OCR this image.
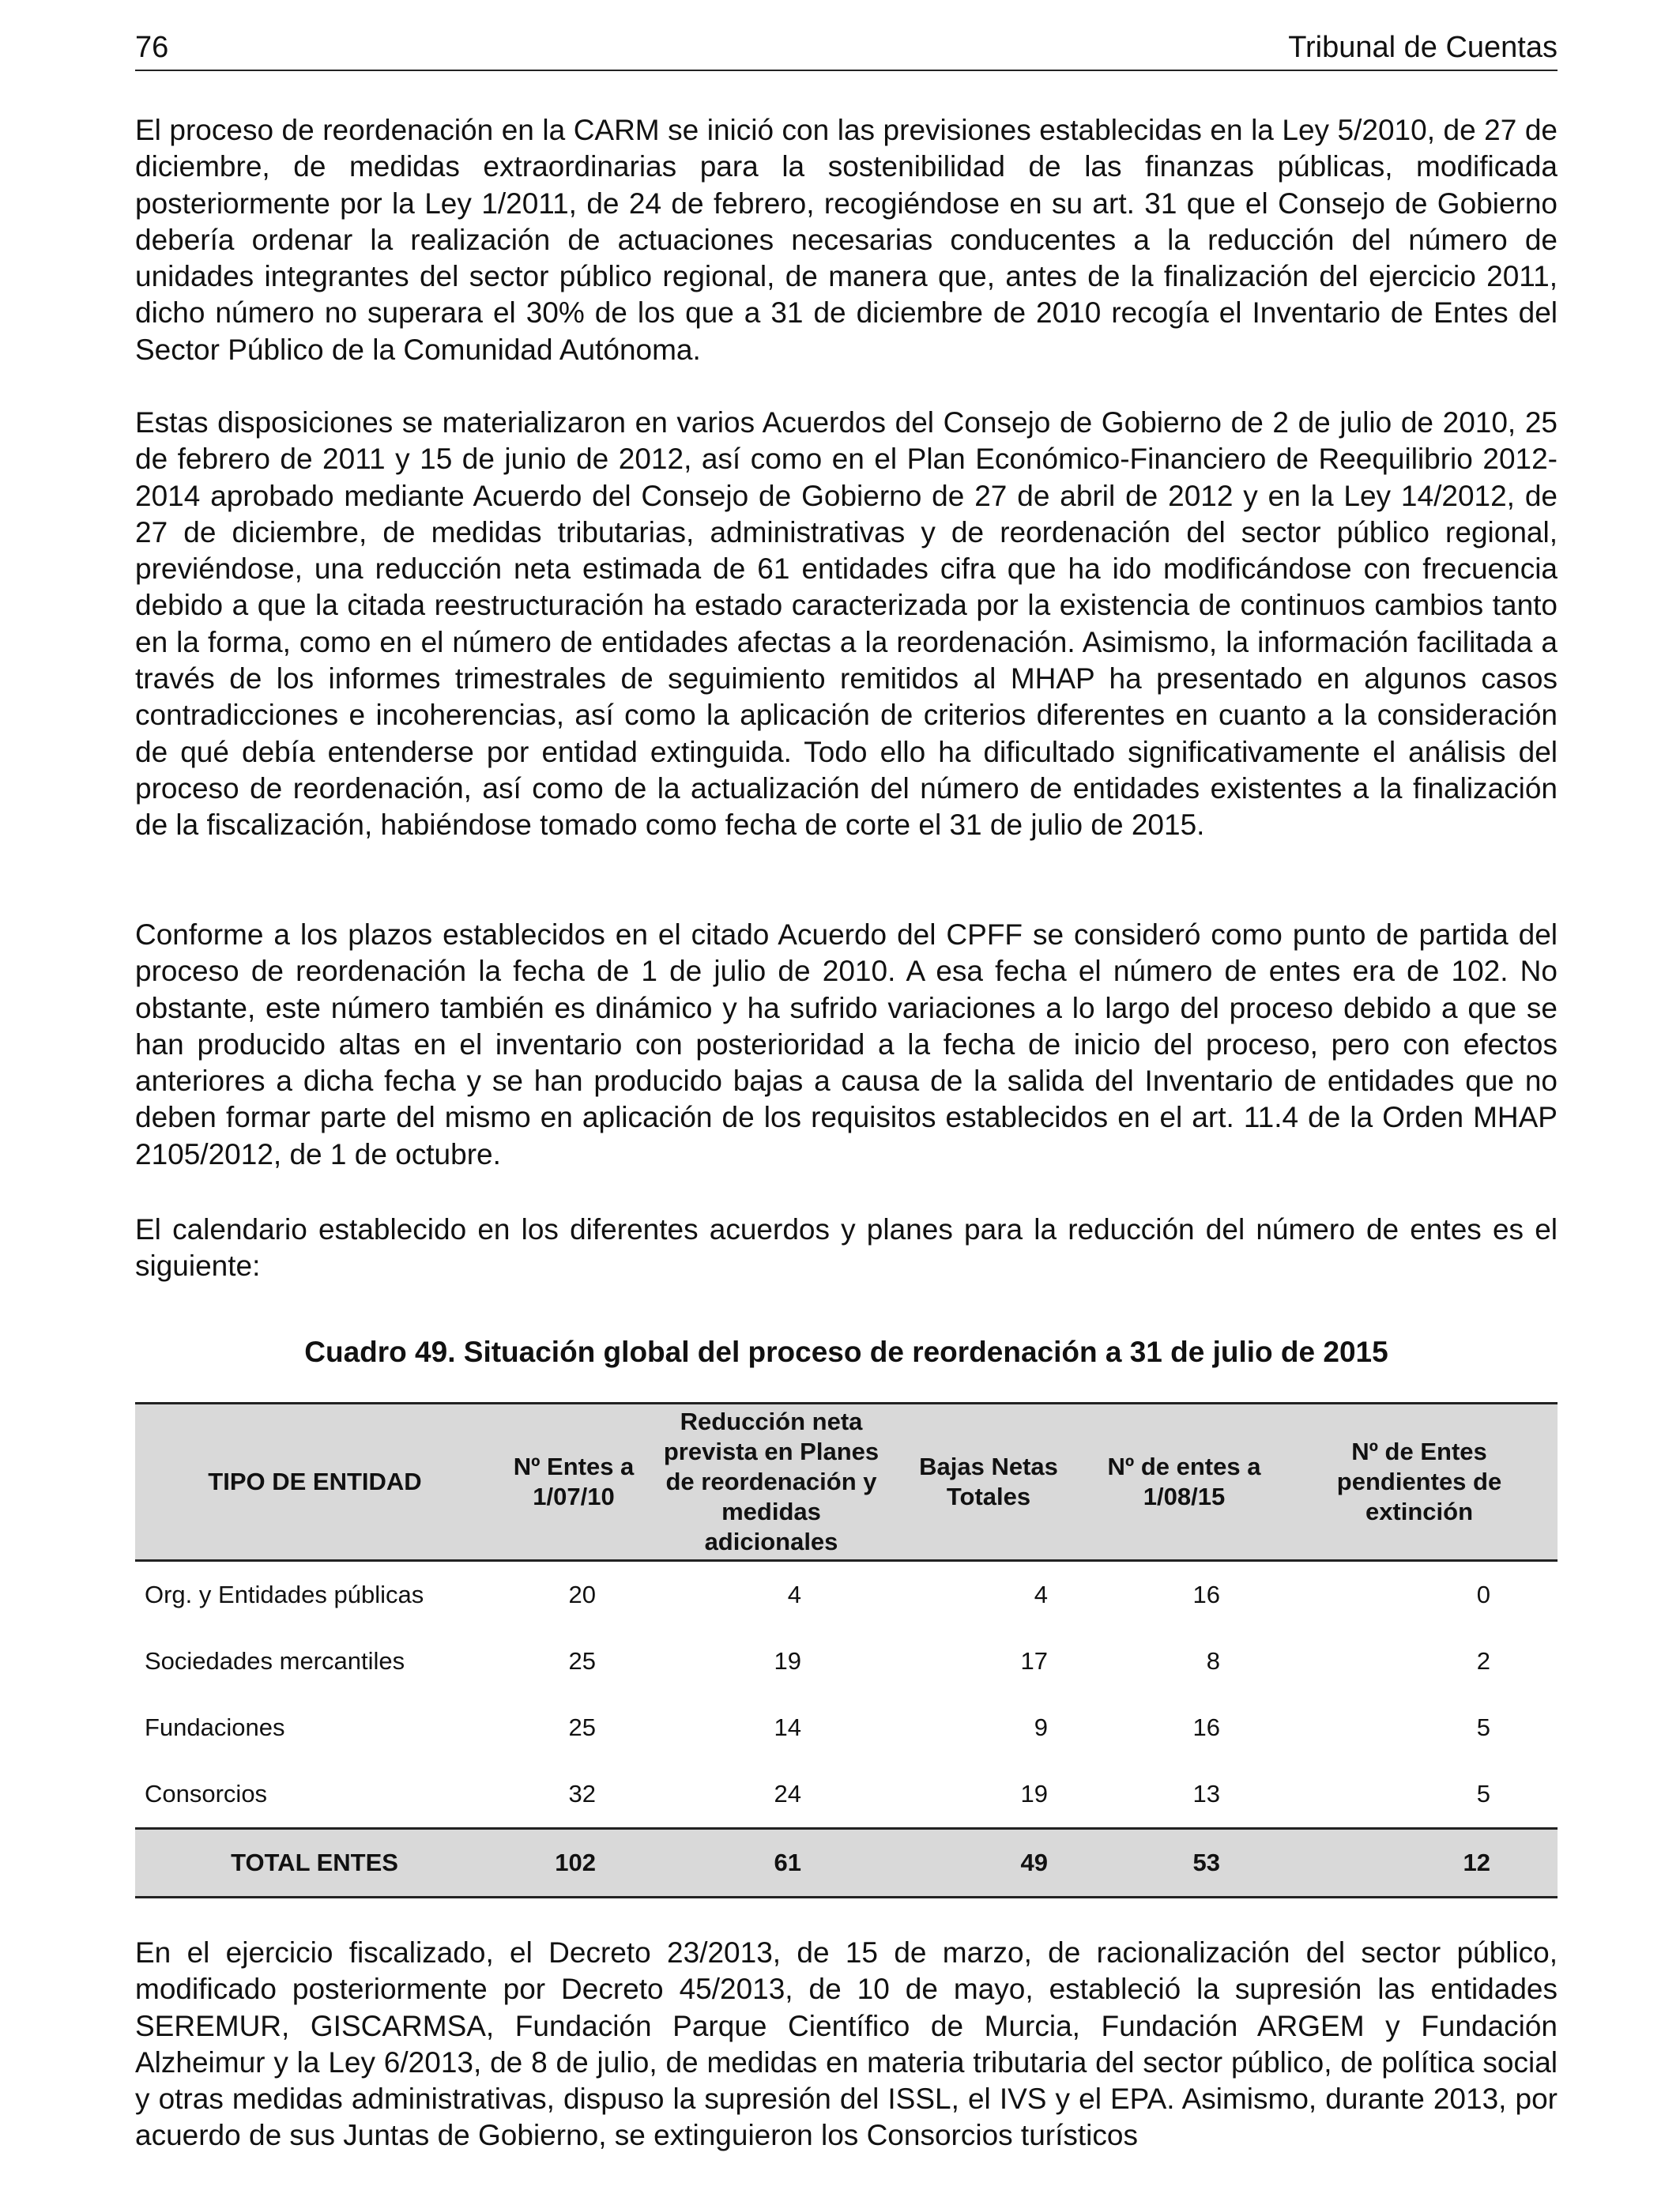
76	Tribunal de Cuentas

El proceso de reordenación en la CARM se inició con las previsiones establecidas en la Ley 5/2010, de 27 de diciembre, de medidas extraordinarias para la sostenibilidad de las finanzas públicas, modificada posteriormente por la Ley 1/2011, de 24 de febrero, recogiéndose en su art. 31 que el Consejo de Gobierno debería ordenar la realización de actuaciones necesarias conducentes a la reducción del número de unidades integrantes del sector público regional, de manera que, antes de la finalización del ejercicio 2011, dicho número no superara el 30% de los que a 31 de diciembre de 2010 recogía el Inventario de Entes del Sector Público de la Comunidad Autónoma.

Estas disposiciones se materializaron en varios Acuerdos del Consejo de Gobierno de 2 de julio de 2010, 25 de febrero de 2011 y 15 de junio de 2012, así como en el Plan Económico-Financiero de Reequilibrio 2012-2014 aprobado mediante Acuerdo del Consejo de Gobierno de 27 de abril de 2012 y en la Ley 14/2012, de 27 de diciembre, de medidas tributarias, administrativas y de reordenación del sector público regional, previéndose, una reducción neta estimada de 61 entidades cifra que ha ido modificándose con frecuencia debido a que la citada reestructuración ha estado caracterizada por la existencia de continuos cambios tanto en la forma, como en el número de entidades afectas a la reordenación. Asimismo, la información facilitada a través de los informes trimestrales de seguimiento remitidos al MHAP ha presentado en algunos casos contradicciones e incoherencias, así como la aplicación de criterios diferentes en cuanto a la consideración de qué debía entenderse por entidad extinguida. Todo ello ha dificultado significativamente el análisis del proceso de reordenación, así como de la actualización del número de entidades existentes a la finalización de la fiscalización, habiéndose tomado como fecha de corte el 31 de julio de 2015.

Conforme a los plazos establecidos en el citado Acuerdo del CPFF se consideró como punto de partida del proceso de reordenación la fecha de 1 de julio de 2010. A esa fecha el número de entes era de 102. No obstante, este número también es dinámico y ha sufrido variaciones a lo largo del proceso debido a que se han producido altas en el inventario con posterioridad a la fecha de inicio del proceso, pero con efectos anteriores a dicha fecha y se han producido bajas a causa de la salida del Inventario de entidades que no deben formar parte del mismo en aplicación de los requisitos establecidos en el art. 11.4 de la Orden MHAP 2105/2012, de 1 de octubre.

El calendario establecido en los diferentes acuerdos y planes para la reducción del número de entes es el siguiente:

Cuadro 49. Situación global del proceso de reordenación a 31 de julio de 2015
TIPO DE ENTIDAD	Nº Entes a 1/07/10	Reducción neta prevista en Planes de reordenación y medidas adicionales	Bajas Netas Totales	Nº de entes a 1/08/15	Nº de Entes pendientes de extinción
Org. y Entidades públicas	20	4	4	16	0
Sociedades mercantiles	25	19	17	8	2
Fundaciones	25	14	9	16	5
Consorcios	32	24	19	13	5
TOTAL ENTES	102	61	49	53	12

En el ejercicio fiscalizado, el Decreto 23/2013, de 15 de marzo, de racionalización del sector público, modificado posteriormente por Decreto 45/2013, de 10 de mayo, estableció la supresión las entidades SEREMUR, GISCARMSA, Fundación Parque Científico de Murcia, Fundación ARGEM y Fundación Alzheimur y la Ley 6/2013, de 8 de julio, de medidas en materia tributaria del sector público, de política social y otras medidas administrativas, dispuso la supresión del ISSL, el IVS y el EPA. Asimismo, durante 2013, por acuerdo de sus Juntas de Gobierno, se extinguieron los Consorcios turísticos
